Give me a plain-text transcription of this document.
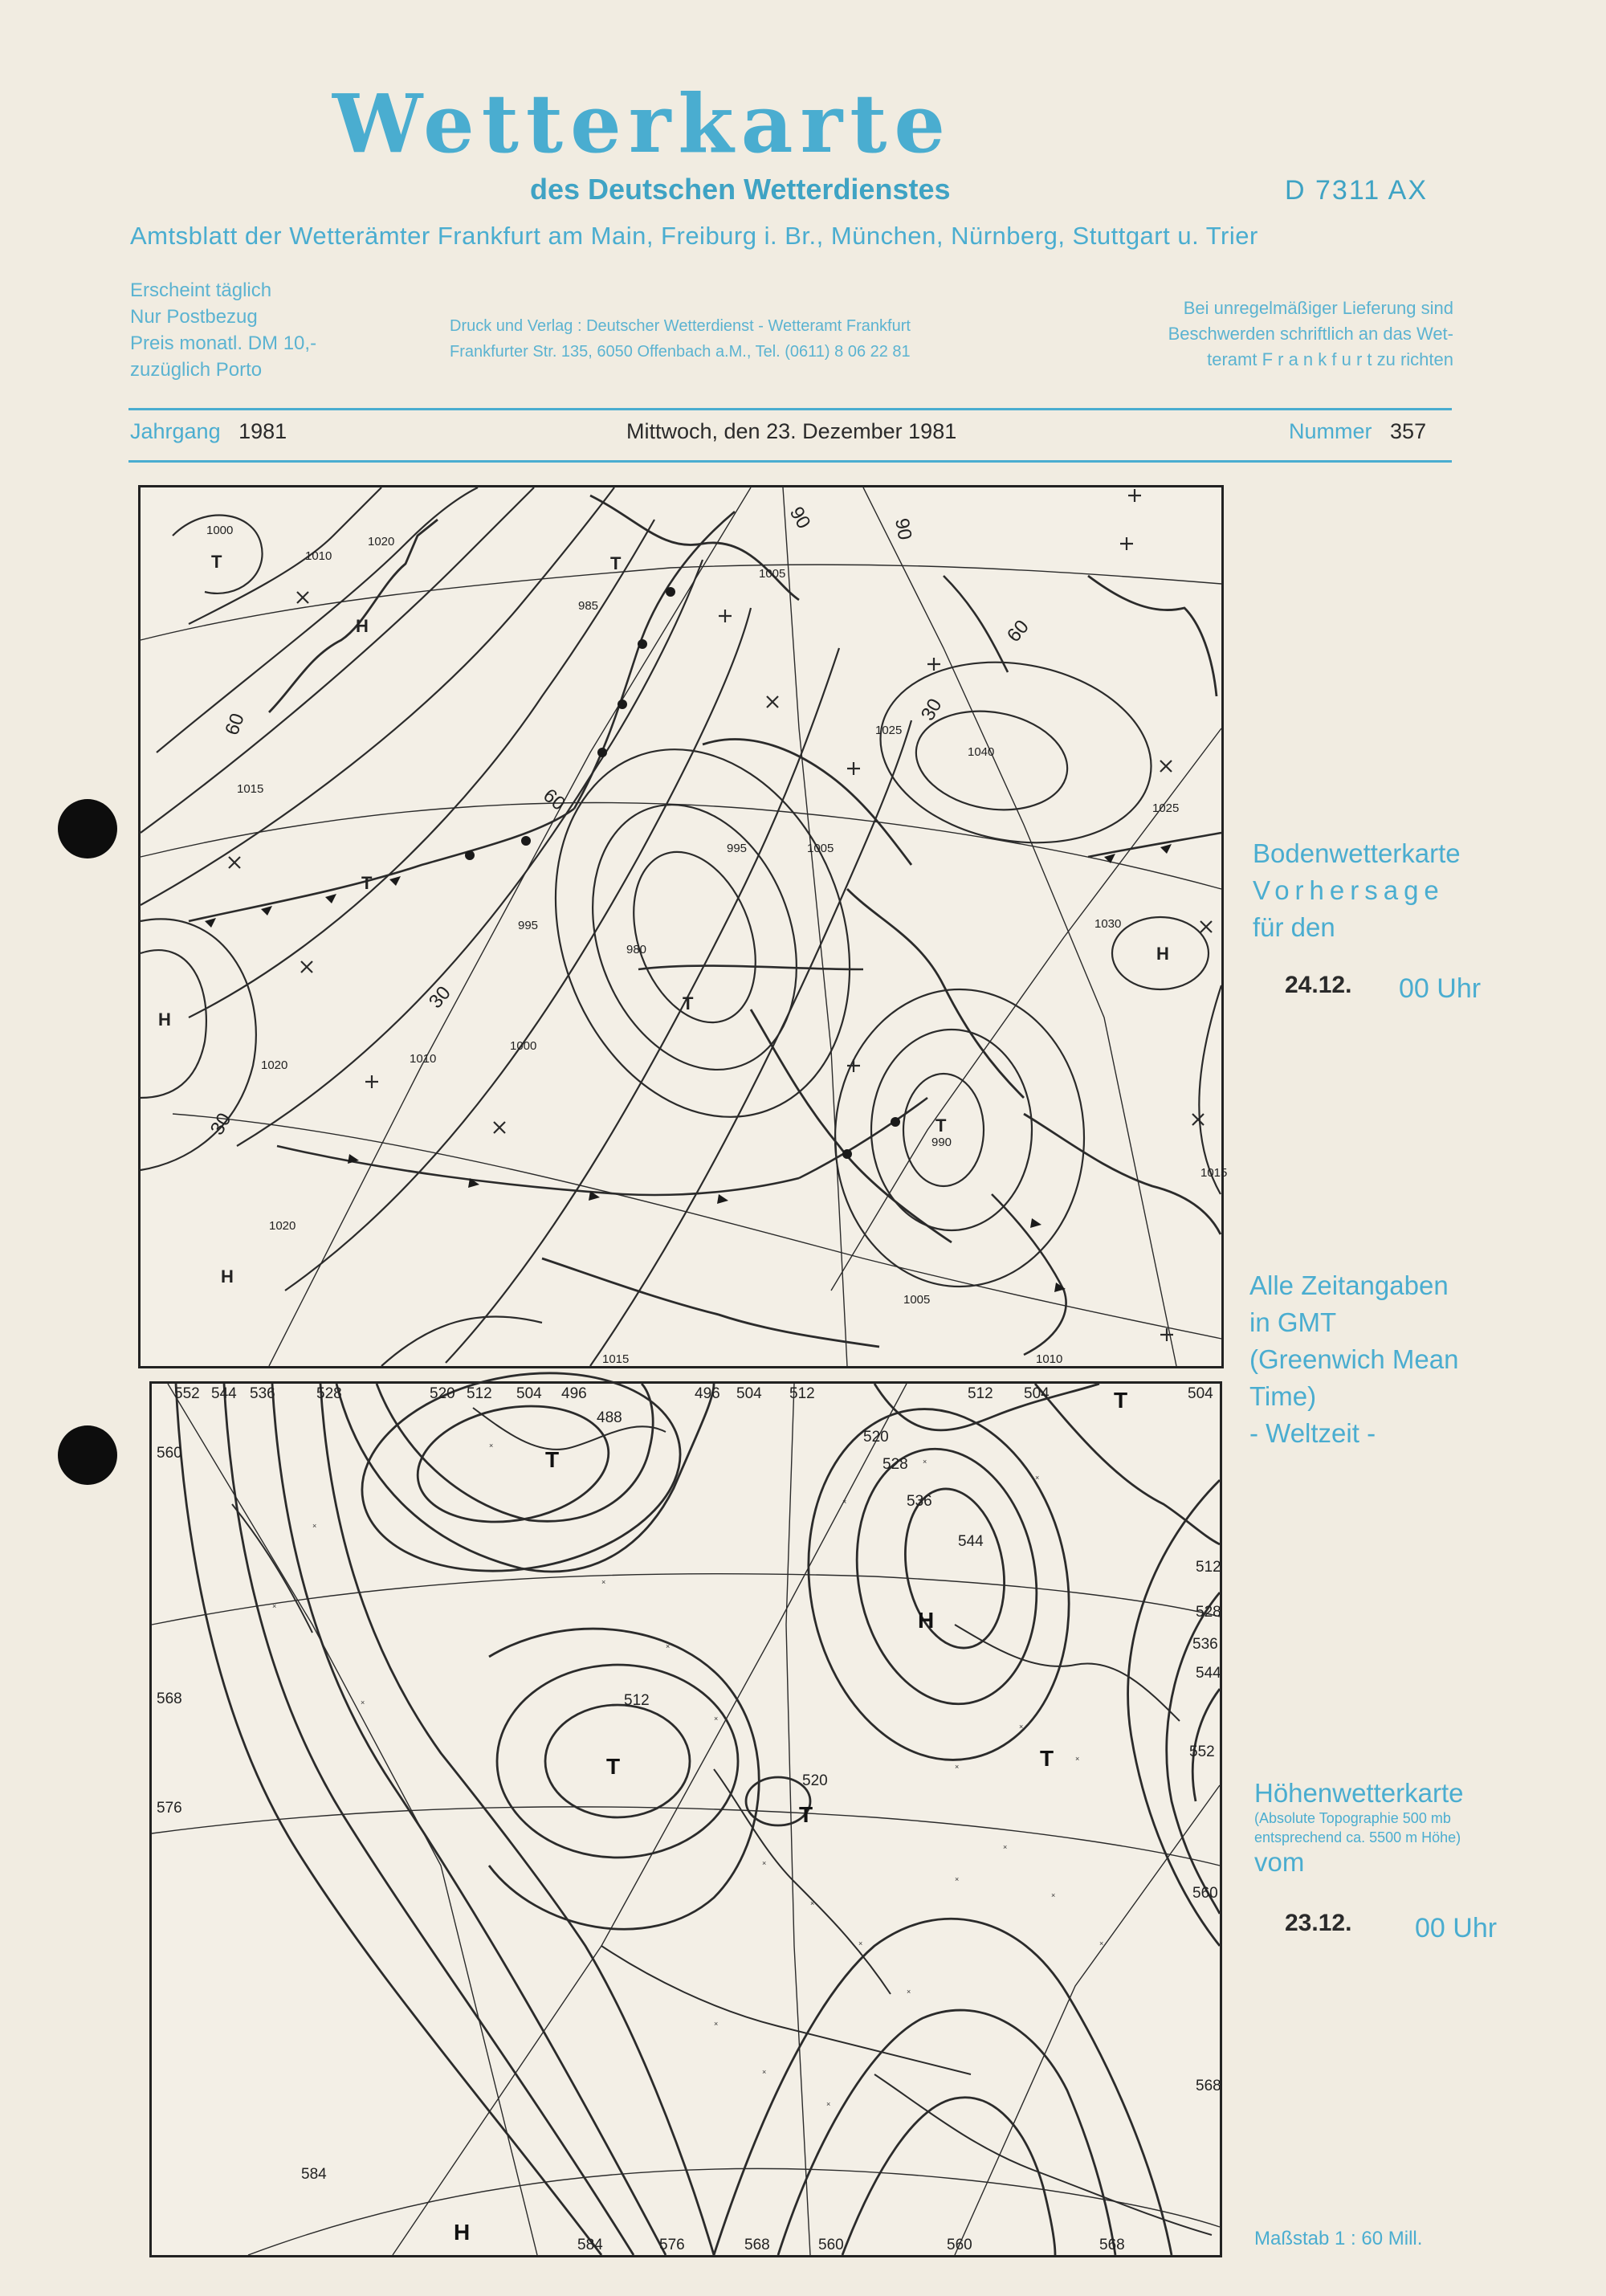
Wetterkarte
des Deutschen Wetterdienstes	D 7311 AX
Amtsblatt der Wetterämter Frankfurt am Main, Freiburg i. Br., München, Nürnberg, Stuttgart u. Trier
Erscheint täglich
Nur Postbezug
Preis monatl. DM 10,-
zuzüglich Porto
Druck und Verlag : Deutscher Wetterdienst - Wetteramt Frankfurt
Frankfurter Str. 135, 6050 Offenbach a.M., Tel. (0611) 8 06 22 81
Bei unregelmäßiger Lieferung sind
Beschwerden schriftlich an das Wet-
teramt F r a n k f u r t zu richten
Jahrgang 1981	Mittwoch, den 23. Dezember 1981	Nummer 357
1000
1010
1020
985
1005
1015
1025
1040
1030
995
980
990
1020
1005
1010
1015
1000
1010
1020
1015
1025
995	1005
H
H
H
H
T	T
T
T
T
90	90
60
60
60
30
30
30
Bodenwetterkarte
Vorhersage
für den
24.12. 00 Uhr
Alle Zeitangaben
in GMT
(Greenwich Mean
Time)
- Weltzeit -
×
×
×
×
×
×
×
×
×
×
×
×
×
×
×
×
×
×
×
×
×
×
×
×
552 544 536	528	520 512 504 496	496 504 512	512 504	504
560
568
576
584
488
520
528
536
544
512
520
512
528
536
544
552
560
568
584	576	568	560	560	568
T
T
T
T
T
H
H
Höhenwetterkarte
(Absolute Topographie 500 mb
entsprechend ca. 5500 m Höhe)
vom
23.12. 00 Uhr
Maßstab 1 : 60 Mill.
